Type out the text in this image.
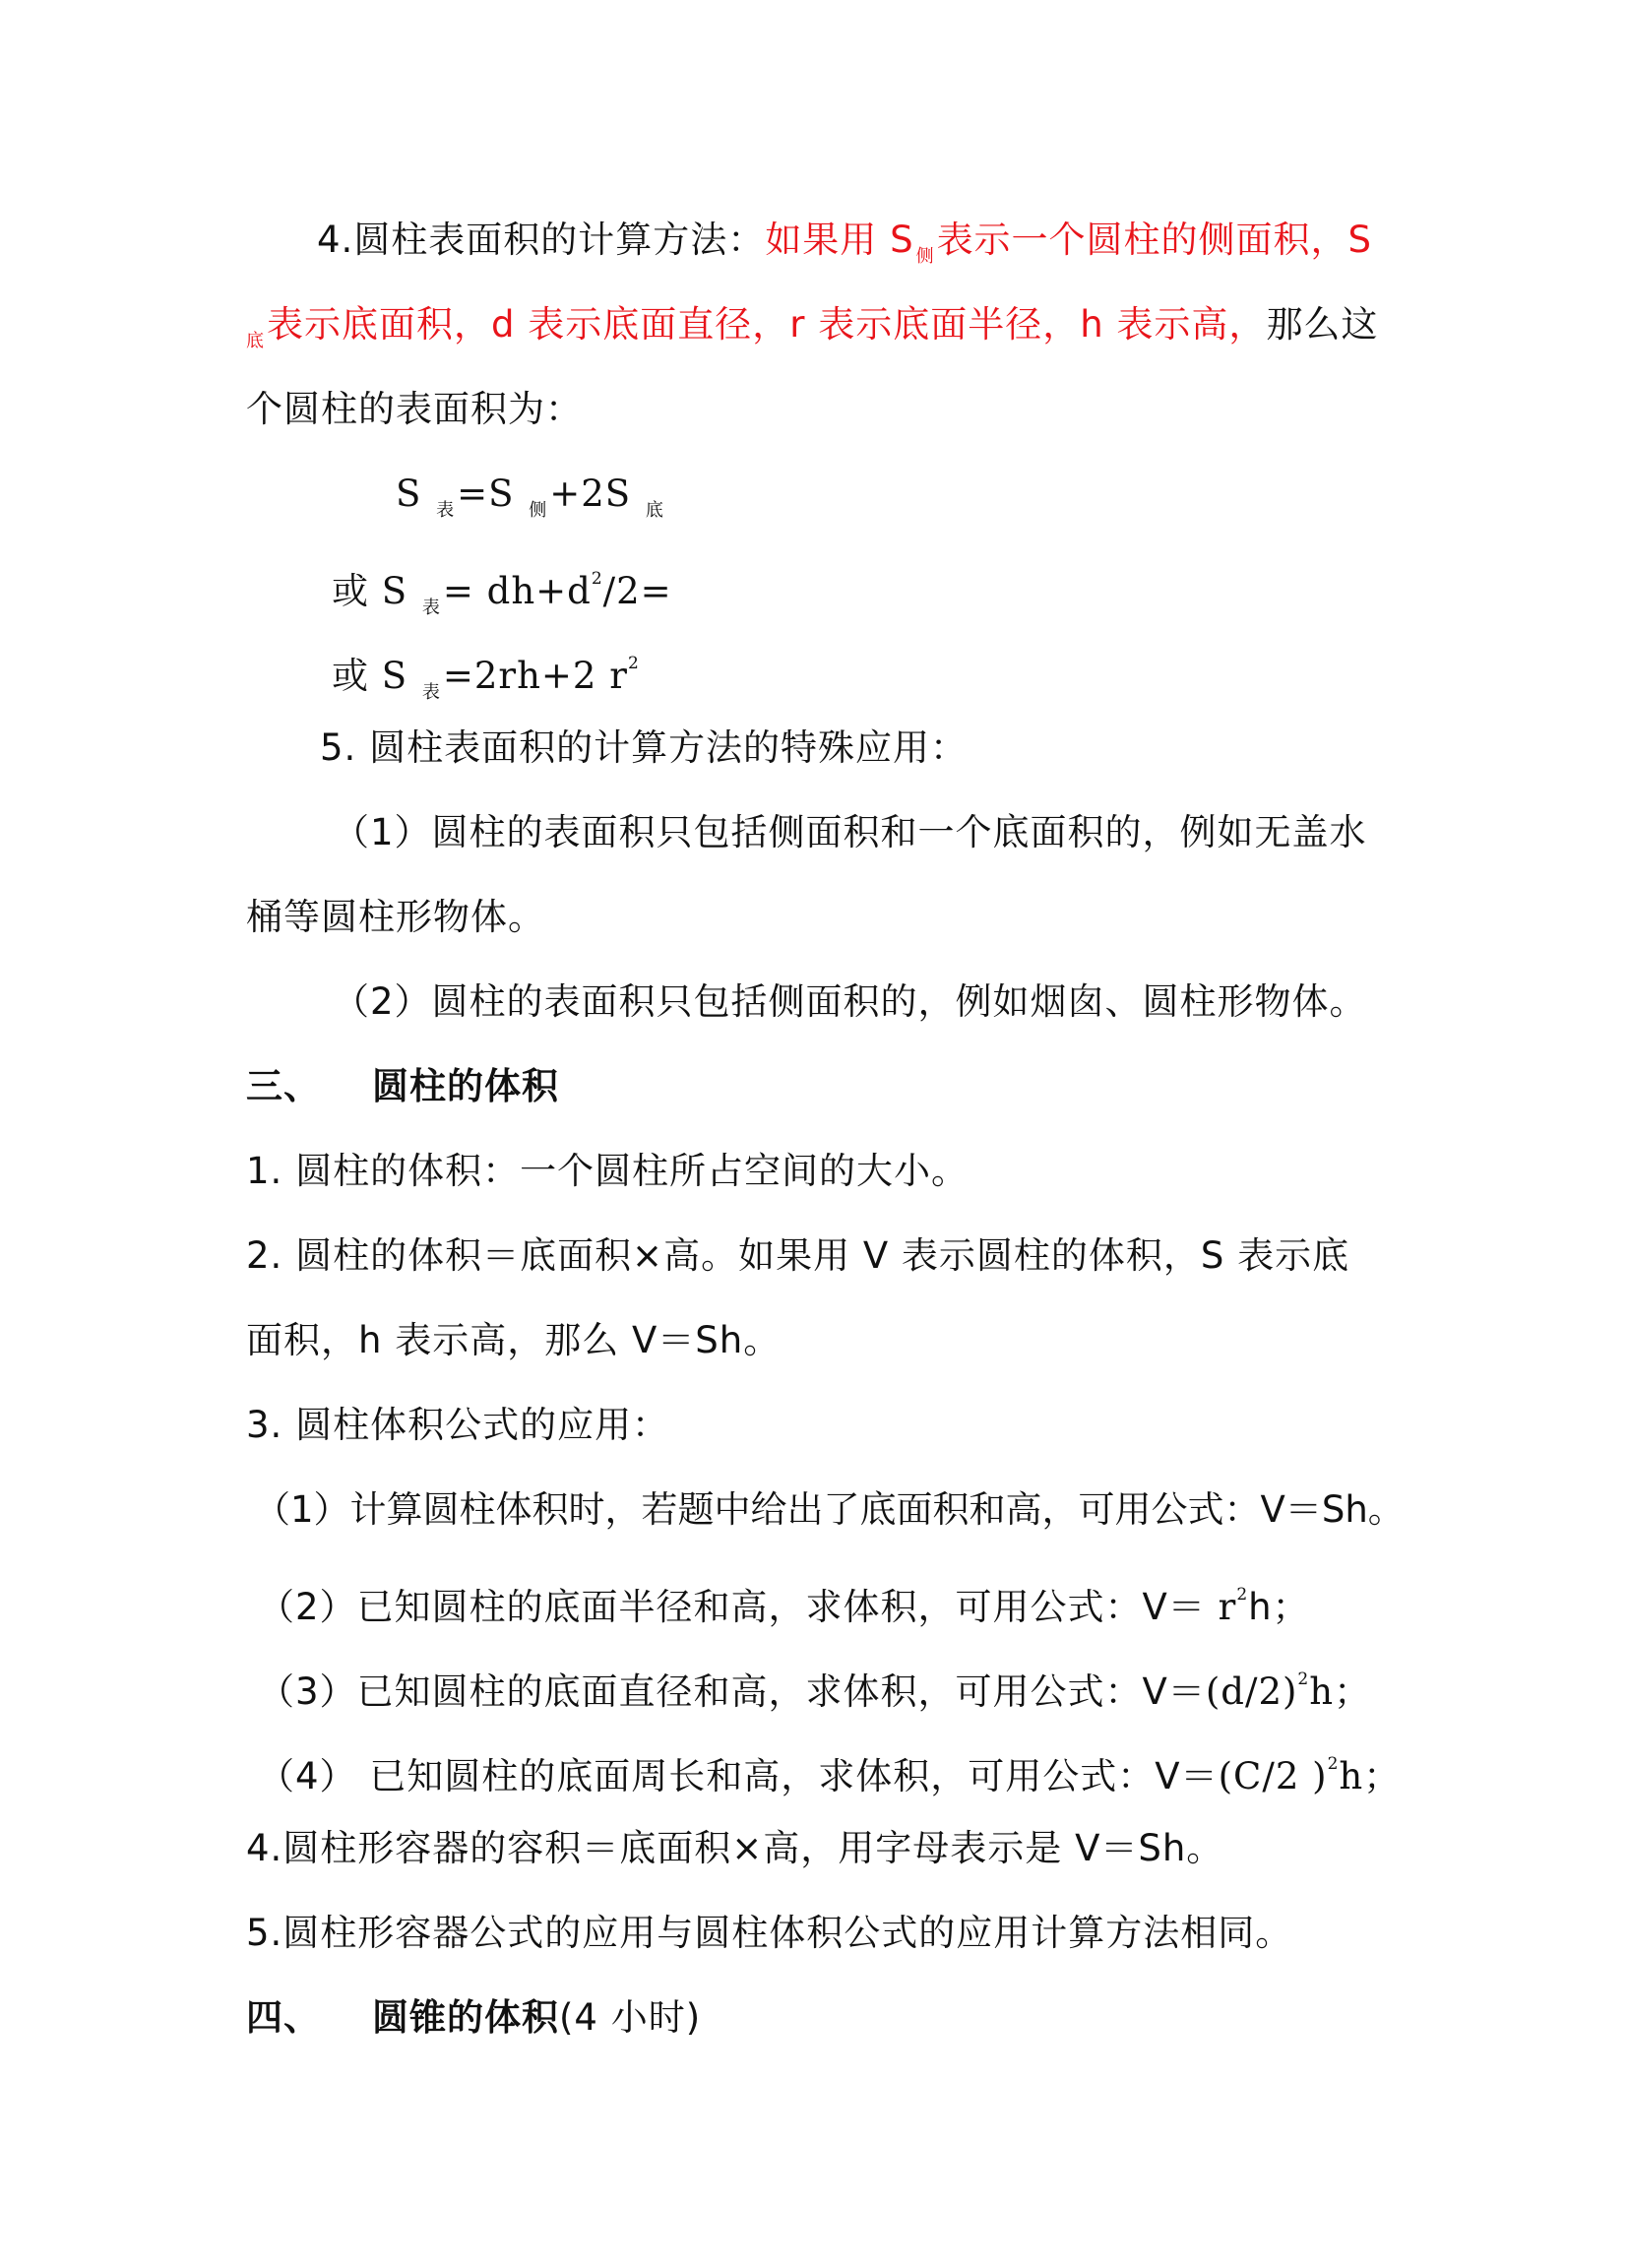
4.圆柱表面积的计算方法：如果用 S $_侧$表示一个圆柱的侧面积，S
$_底$表示底面积，d 表示底面直径，r 表示底面半径，h 表示高，那么这
个圆柱的表面积为：
S $_表$=S $_侧$+2S $_底$
或 S $_表= dh+d^2/2=$
或 S $_表$=2rh+2 $r^2$
5. 圆柱表面积的计算方法的特殊应用：
（1）圆柱的表面积只包括侧面积和一个底面积的，例如无盖水
桶等圆柱形物体。
（2）圆柱的表面积只包括侧面积的，例如烟囱、圆柱形物体。
三、 圆柱的体积
1. 圆柱的体积：一个圆柱所占空间的大小。
2. 圆柱的体积＝底面积×高。如果用 V 表示圆柱的体积，S 表示底
面积，h 表示高，那么 V＝Sh。
3. 圆柱体积公式的应用：
（1）计算圆柱体积时，若题中给出了底面积和高，可用公式：V＝Sh。
（2）已知圆柱的底面半径和高，求体积，可用公式：$V= r^2h$；
（3）已知圆柱的底面直径和高，求体积，可用公式：$V=(d/2)^2h$；
（4） 已知圆柱的底面周长和高，求体积，可用公式：V＝(C/2 )$^2$h；
4.圆柱形容器的容积＝底面积×高，用字母表示是 V＝Sh。
5.圆柱形容器公式的应用与圆柱体积公式的应用计算方法相同。
四、 圆锥的体积(4 小时)
